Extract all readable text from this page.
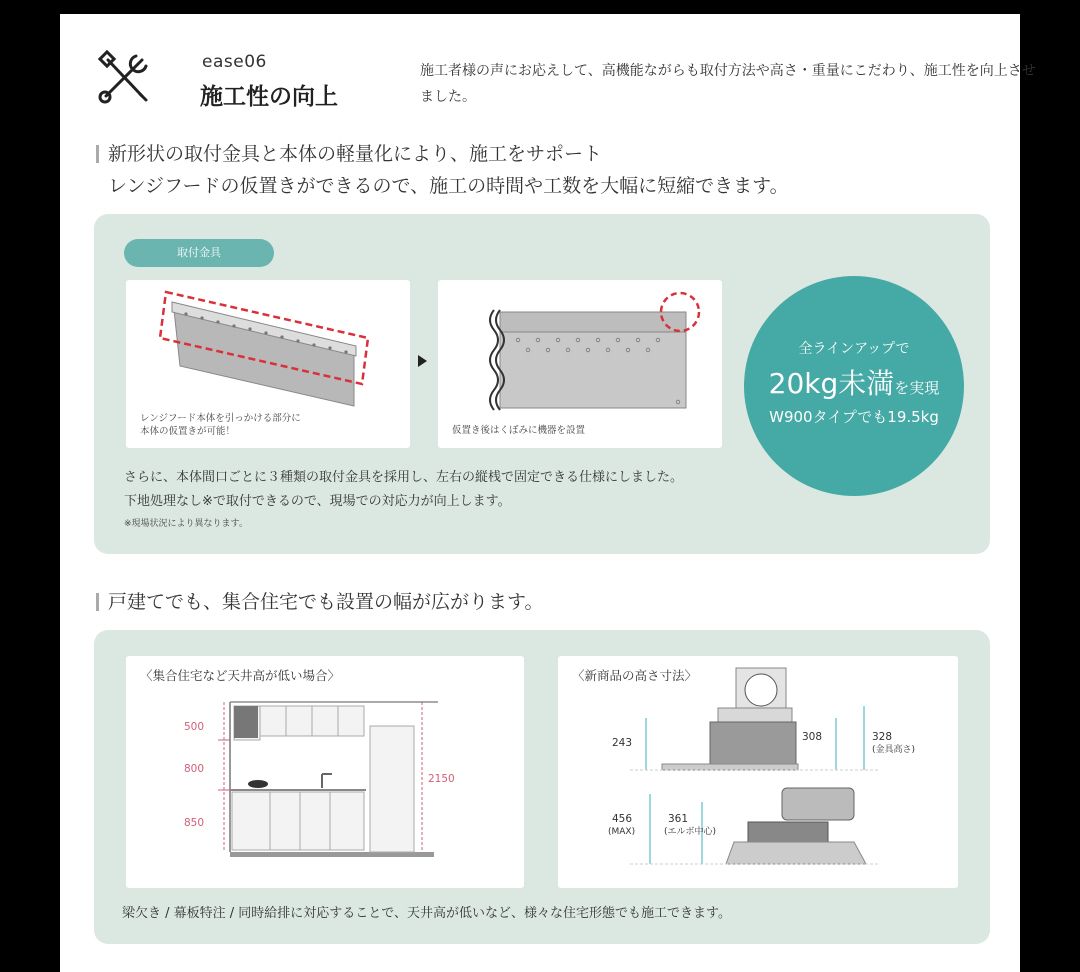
ease06
施工性の向上
施工者様の声にお応えして、高機能ながらも取付方法や高さ・重量にこだわり、施工性を向上させました。
新形状の取付金具と本体の軽量化により、施工をサポート
レンジフードの仮置きができるので、施工の時間や工数を大幅に短縮できます。
取付金具
レンジフード本体を引っかける部分に
本体の仮置きが可能！	仮置き後はくぼみに機器を設置
全ラインアップで
20kg未満を実現
W900タイプでも19.5kg
さらに、本体間口ごとに３種類の取付金具を採用し、左右の縦桟で固定できる仕様にしました。
下地処理なし※で取付できるので、現場での対応力が向上します。
※現場状況により異なります。
戸建てでも、集合住宅でも設置の幅が広がります。
〈集合住宅など天井高が低い場合〉
500
800
850
2150
〈新商品の高さ寸法〉
243	308	328
(金具高さ)
456
(MAX)
361
(エルボ中心)
梁欠き / 幕板特注 / 同時給排に対応することで、天井高が低いなど、様々な住宅形態でも施工できます。
